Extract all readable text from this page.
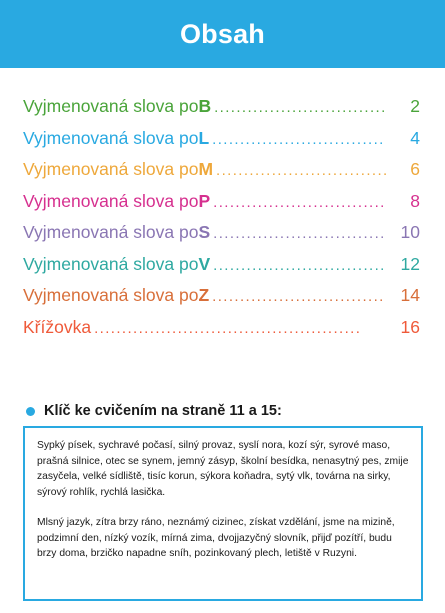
Obsah
Vyjmenovaná slova po B ...............................	2
Vyjmenovaná slova po L ...............................	4
Vyjmenovaná slova po M ...............................	6
Vyjmenovaná slova po P ...............................	8
Vyjmenovaná slova po S ............................... 10
Vyjmenovaná slova po V ............................... 12
Vyjmenovaná slova po Z ............................... 14
Křížovka ................................................	16
Klíč ke cvičením na straně 11 a 15:

Sypký písek, sychravé počasí, silný provaz, syslí nora, kozí sýr, syrové maso, prašná silnice, otec se synem, jemný zásyp, školní besídka, nenasytný pes, zmije zasyčela, velké sídliště, tisíc korun, sýkora koňadra, sytý vlk, továrna na sirky, sýrový rohlík, rychlá lasička.

Mlsný jazyk, zítra brzy ráno, neznámý cizinec, získat vzdělání, jsme na mizině, podzimní den, nízký vozík, mírná zima, dvojjazyčný slovník, přijď pozítří, budu brzy doma, brzičko napadne sníh, pozinkovaný plech, letiště v Ruzyni.
